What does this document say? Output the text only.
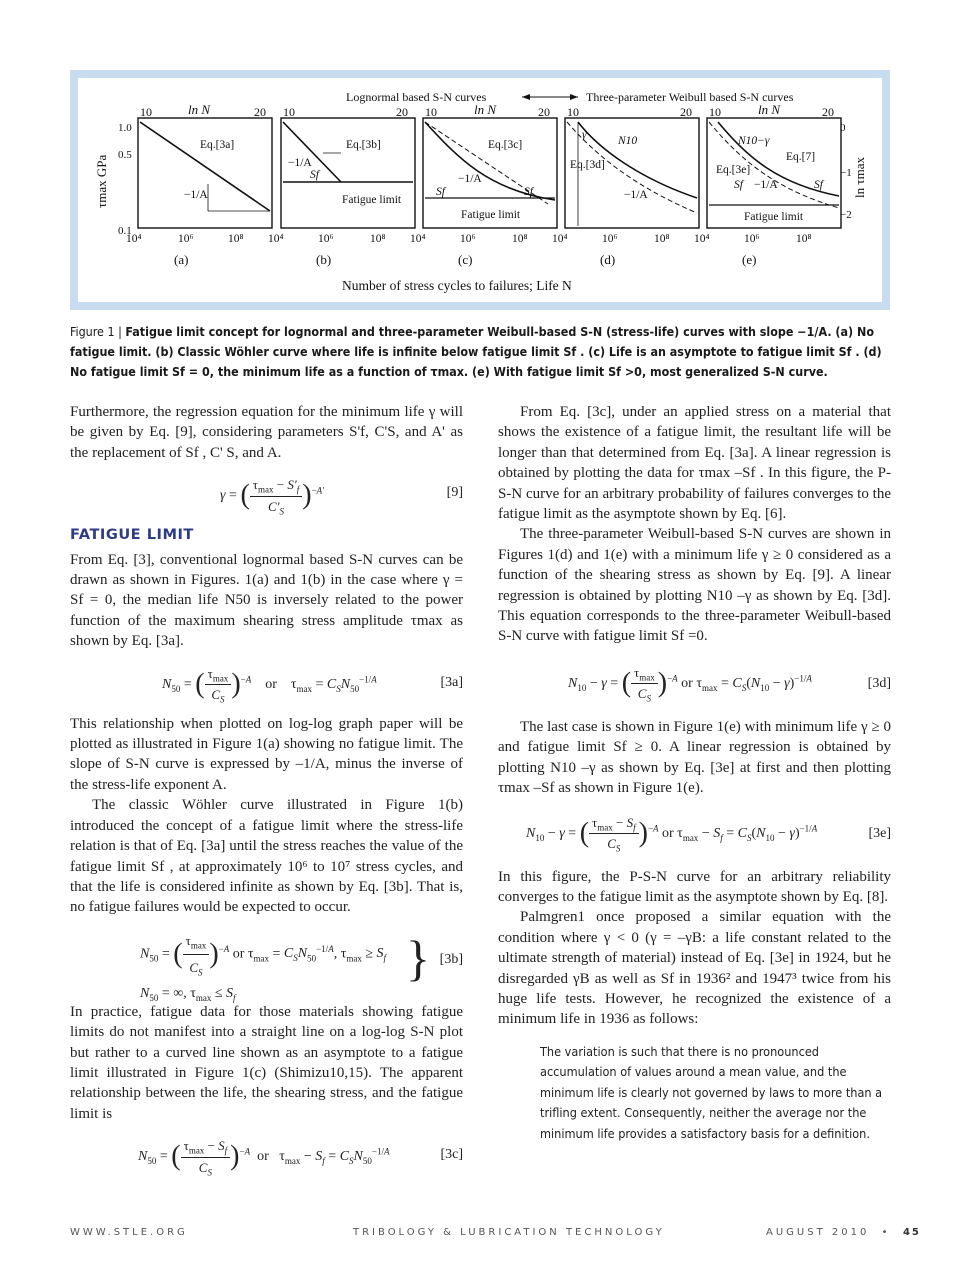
Lognormal based S-N curves	Three-parameter Weibull based S-N curves
τmax GPa	ln τmax
1.0
0.5
0.1
0
−1
−2
10	ln N	20 10	20 10	ln N	20 10	20 10	ln N	20
Eq.[3a]
−1/A
Eq.[3b]
−1/A
Sf
Fatigue limit
Eq.[3c]
−1/A
Sf	Sf
Fatigue limit
Eq.[3d]
γ	N10
−1/A
N10−γ
Eq.[7]
Eq.[3e]
Sf −1/A	Sf
Fatigue limit
10⁴	10⁶	10⁸ 10⁴	10⁶	10⁸ 10⁴	10⁶	10⁸ 10⁴	10⁶	10⁸ 10⁴	10⁶	10⁸
(a)	(b)	(c)	(d)	(e)
Number of stress cycles to failures; Life N
Figure 1 | Fatigue limit concept for lognormal and three-parameter Weibull-based S-N (stress-life) curves with slope −1/A. (a) No fatigue limit. (b) Classic Wöhler curve where life is infinite below fatigue limit Sf . (c) Life is an asymptote to fatigue limit Sf . (d) No fatigue limit Sf = 0, the minimum life as a function of τmax. (e) With fatigue limit Sf >0, most generalized S-N curve.

Furthermore, the regression equation for the minimum life γ will be given by Eq. [9], considering parameters S'f, C'S, and A' as the replacement of Sf , C' S, and A.

γ = ( $\frac{\tau_{max} - S'_f}{C'_S} )^{-A'}$	[9]
FATIGUE LIMIT

From Eq. [3], conventional lognormal based S-N curves can be drawn as shown in Figures. 1(a) and 1(b) in the case where γ = Sf = 0, the median life N50 is inversely related to the power function of the maximum shearing stress amplitude τmax as shown by Eq. [3a].

$N_{50}$ = ( $\frac{\tau_{max}}{C_S} )^{-A}$    or    $\tau_{max} = C_SN_{50}^{-1/A}$	[3a]

This relationship when plotted on log-log graph paper will be plotted as illustrated in Figure 1(a) showing no fatigue limit. The slope of S-N curve is expressed by –1/A, minus the inverse of the stress-life exponent A.

The classic Wöhler curve illustrated in Figure 1(b) introduced the concept of a fatigue limit where the stress-life relation is that of Eq. [3a] until the stress reaches the value of the fatigue limit Sf , at approximately 10⁶ to 10⁷ stress cycles, and that the life is considered infinite as shown by Eq. [3b]. That is, no fatigue failures would be expected to occur.

$N_{50}$ = ( $\frac{\tau_{max}}{C_S} )^{-A}$ or $\tau_{max} = C_SN_{50}^{-1/A}$, $\tau_{max} \ge S_f$
$N_{50}$ = ∞, $\tau_{max} \le S_f$
} [3b]

In practice, fatigue data for those materials showing fatigue limits do not manifest into a straight line on a log-log S-N plot but rather to a curved line shown as an asymptote to a fatigue limit illustrated in Figure 1(c) (Shimizu10,15). The apparent relationship between the life, the shearing stress, and the fatigue limit is

$N_{50}$ = ( $\frac{\tau_{max} - S_f}{C_S} )^{-A}$  or   $\tau_{max} - S_f = C_SN_{50}^{-1/A}$	[3c]

From Eq. [3c], under an applied stress on a material that shows the existence of a fatigue limit, the resultant life will be longer than that determined from Eq. [3a]. A linear regression is obtained by plotting the data for τmax –Sf . In this figure, the P-S-N curve for an arbitrary probability of failures converges to the fatigue limit as the asymptote shown by Eq. [6].

The three-parameter Weibull-based S-N curves are shown in Figures 1(d) and 1(e) with a minimum life γ ≥ 0 considered as a function of the shearing stress as shown by Eq. [9]. A linear regression is obtained by plotting N10 –γ as shown by Eq. [3d]. This equation corresponds to the three-parameter Weibull-based S-N curve with fatigue limit Sf =0.

$N_{10} - \gamma$ = ( $\frac{\tau_{max}}{C_S} )^{-A}$ or $\tau_{max} = C_S(N_{10} - \gamma)^{-1/A}$	[3d]

The last case is shown in Figure 1(e) with minimum life γ ≥ 0 and fatigue limit Sf ≥ 0. A linear regression is obtained by plotting N10 –γ as shown by Eq. [3e] at first and then plotting τmax –Sf as shown in Figure 1(e).

$N_{10} - \gamma$ = ( $\frac{\tau_{max} - S_f}{C_S} )^{-A}$ or $\tau_{max} - S_f = C_S(N_{10} - \gamma)^{-1/A}$	[3e]

In this figure, the P-S-N curve for an arbitrary reliability converges to the fatigue limit as the asymptote shown by Eq. [8].

Palmgren1 once proposed a similar equation with the condition where γ < 0 (γ = –γB: a life constant related to the ultimate strength of material) instead of Eq. [3e] in 1924, but he disregarded γB as well as Sf in 1936² and 1947³ twice from his huge life tests. However, he recognized the existence of a minimum life in 1936 as follows:

The variation is such that there is no pronounced accumulation of values around a mean value, and the minimum life is clearly not governed by laws to more than a trifling extent. Consequently, neither the average nor the minimum life provides a satisfactory basis for a definition.

WWW.STLE.ORG	TRIBOLOGY & LUBRICATION TECHNOLOGY	AUGUST 2010 • 45
